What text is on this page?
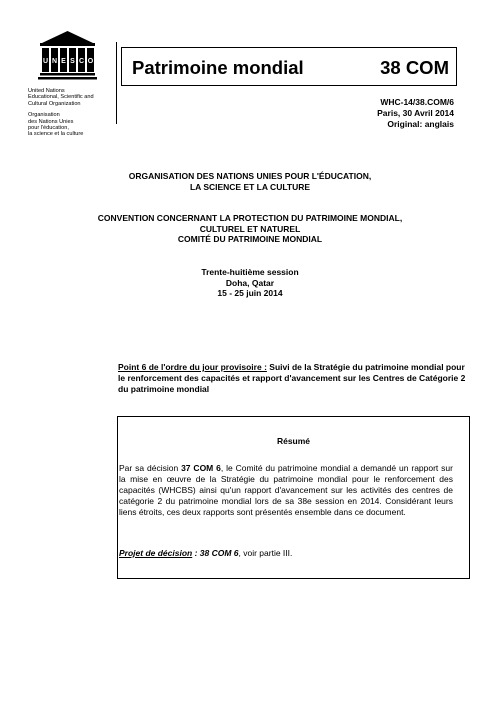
U N E S C O
United Nations
Educational, Scientific and
Cultural Organization
Organisation
des Nations Unies
pour l'éducation,
la science et la culture
Patrimoine mondial	38 COM
WHC-14/38.COM/6
Paris, 30 Avril 2014
Original: anglais
ORGANISATION DES NATIONS UNIES POUR L'ÉDUCATION,
LA SCIENCE ET LA CULTURE
CONVENTION CONCERNANT LA PROTECTION DU PATRIMOINE MONDIAL,
CULTUREL ET NATUREL
COMITÉ DU PATRIMOINE MONDIAL
Trente-huitième session
Doha, Qatar
15 - 25 juin 2014
Point 6 de l'ordre du jour provisoire : Suivi de la Stratégie du patrimoine mondial pour le renforcement des capacités et rapport d'avancement sur les Centres de Catégorie 2 du patrimoine mondial
Résumé
Par sa décision 37 COM 6, le Comité du patrimoine mondial a demandé un rapport sur la mise en œuvre de la Stratégie du patrimoine mondial pour le renforcement des capacités (WHCBS) ainsi qu'un rapport d'avancement sur les activités des centres de catégorie 2 du patrimoine mondial lors de sa 38e session en 2014. Considérant leurs liens étroits, ces deux rapports sont présentés ensemble dans ce document.
Projet de décision : 38 COM 6, voir partie III.
